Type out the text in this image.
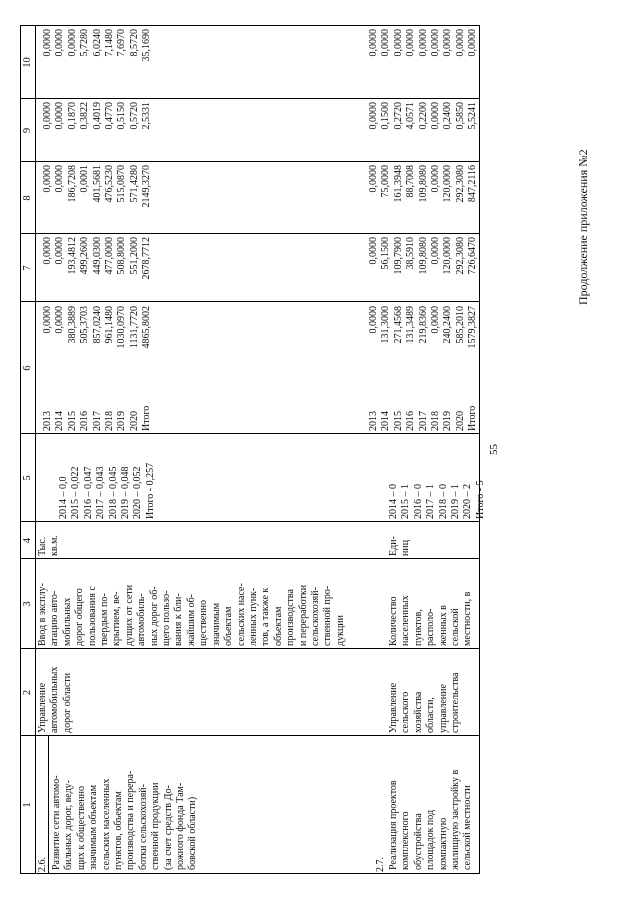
55
Продолжение приложения №2
1
2
3
4
5
6
7
8
9
10
2.6. Развитие сети автомо-
бильных дорог, веду-
щих к общественно
значимым объектам
сельских населенных
пунктов, объектам
производства и перера-
ботки сельскохозяй-
ственной продукции
(за счет средств До-
рожного фонда Там-
бовской области)
Управление
автомобильных
дорог области
Ввод в эксплу-
атацию авто-
мобильных
дорог общего
пользования с
твердым по-
крытием, ве-
дущих от сети
автомобиль-
ных дорог об-
щего пользо-
вания к бли-
жайшим об-
щественно
значимым
объектам
сельских насе-
ленных пунк-
тов, а также к
объектам
производства
и переработки
сельскохозяй-
ственной про-
дукции
Тыс.
кв.м.
2014 – 0,0
2015 – 0,022
2016 – 0,047
2017 – 0,043
2018 – 0,045
2019 – 0,048
2020 – 0,052
Итого - 0,257
2013
2014
2015
2016
2017
2018
2019
2020
Итого
0,0000
0,0000
380,3889
505,3703
857,0240
961,1480
1030,0970
1131,7720
4865,8002
0,0000
0,0000
193,4812
499,2600
449,0300
477,0000
508,8000
551,2000
2678,7712
0,0000
0,0000
186,7208
0,0001
401,5681
476,5230
515,0870
571,4280
2149,3270
0,0000
0,0000
0,1870
0,3822
0,4019
0,4770
0,5150
0,5720
2,5331
0,0000
0,0000
0,0000
5,7280
6,0240
7,1480
7,6970
8,5720
35,1690
2.7. Реализация проектов
комплексного
обустройства
площадок под
компактную
жилищную застройку в
сельской местности
Управление
сельского
хозяйства
области,
управление
строительства
Количество
населенных
пунктов,
располо-
женных в
сельской
местности, в
Еди-
ниц
2014 – 0
2015 – 1
2016 – 0
2017 – 1
2018 – 0
2019 – 1
2020 – 2
Итого - 5
2013
2014
2015
2016
2017
2018
2019
2020
Итого
0,0000
131,3000
271,4568
131,3489
219,8360
0,0000
240,2400
585,2010
1579,3827
0,0000
56,1500
109,7900
38,5910
109,8080
0,0000
120,0000
292,3080
726,6470
0,0000
75,0000
161,3948
88,7008
109,8080
0,0000
120,0000
292,3080
847,2116
0,0000
0,1500
0,2720
4,0571
0,2200
0,0000
0,2400
0,5850
5,5241
0,0000
0,0000
0,0000
0,0000
0,0000
0,0000
0,0000
0,0000
0,0000
